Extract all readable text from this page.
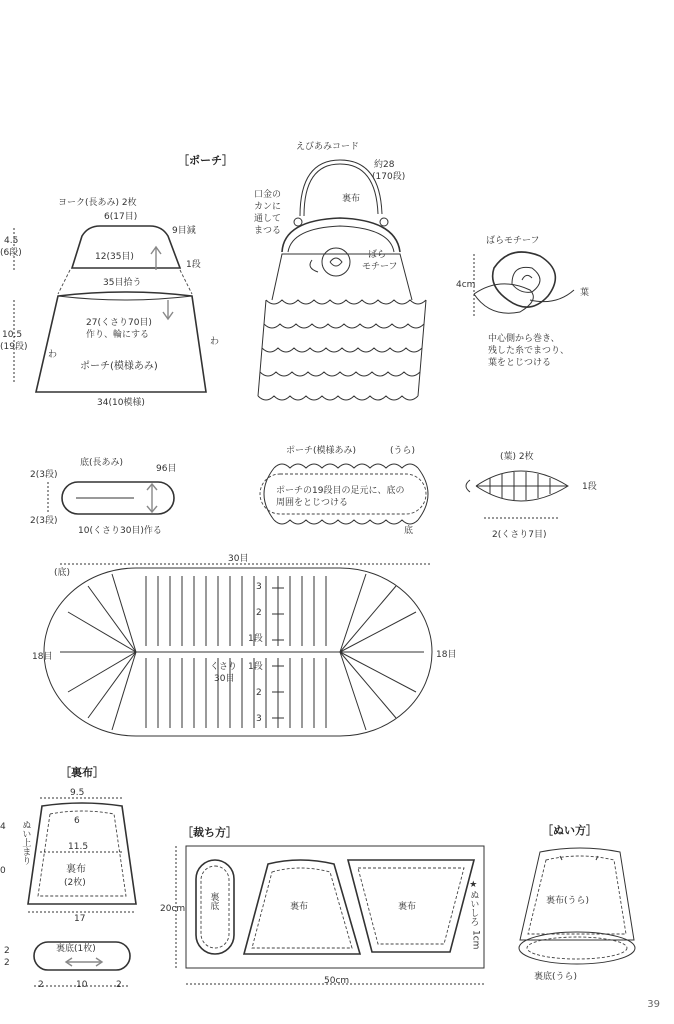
［ポーチ］
ヨーク(長あみ) 2枚
6(17目)
9目減
1段
12(35目)
35目拾う
4.5
(6段)
10.5
(19段)
27(くさり70目)
作り、輪にする
わ
わ
ポーチ(模様あみ)
34(10模様)
えびあみコード
約28
(170段)
口金の
カンに
通して
まつる
裏布
ばら
モチーフ
ばらモチーフ
4cm
葉
中心側から巻き、
残した糸でまつり、
葉をとじつける
底(長あみ)
96目
2(3段)
2(3段)
10(くさり30目)作る
ポーチ(模様あみ)	(うら)
ポーチの19段目の足元に、底の
周囲をとじつける
底
(葉) 2枚
1段
2(くさり7目)
(底)
30目
18目	18目
くさり
30目
3
2
1段
1段
2
3
［裏布］
9.5
6
ぬい上まり	11.5
裏布
(2枚)
17
4
0
裏底(1枚)
2	10	2
2
2
［裁ち方］
20cm
50cm
裏底	裏布	裏布	★ぬいしろ
1cm
［ぬい方］
裏布(うら)
裏底(うら)
39
